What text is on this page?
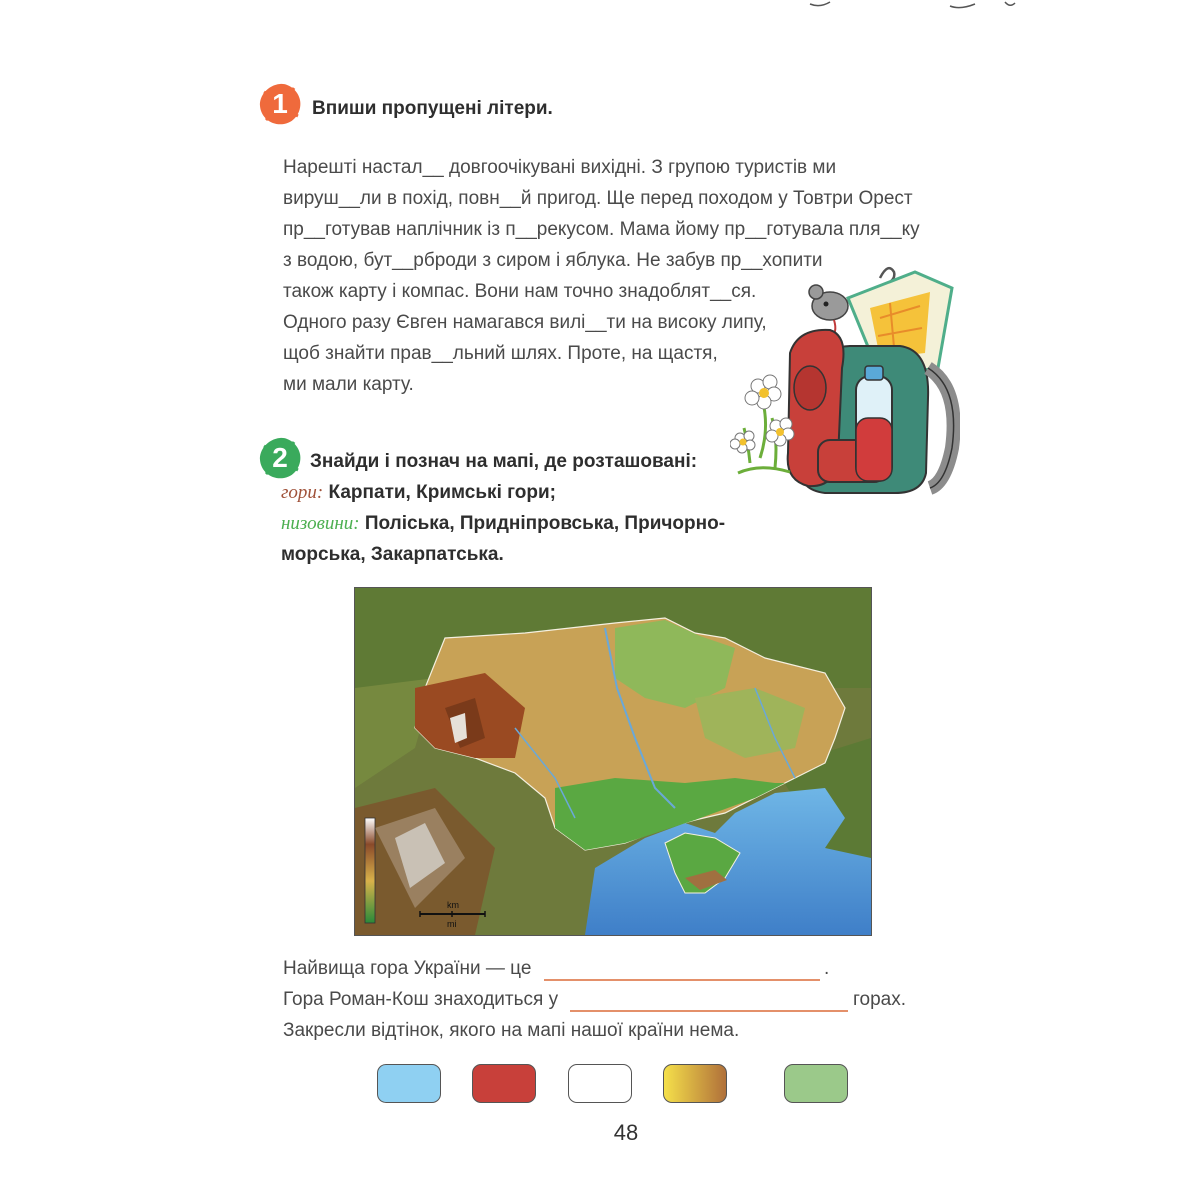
1	Впиши пропущені літери.
Нарешті настал__ довгоочікувані вихідні. З групою туристів ми
вируш__ли в похід, повн__й пригод. Ще перед походом у Товтри Орест
пр__готував наплічник із п__рекусом. Мама йому пр__готувала пля__ку
з водою, бут__рброди з сиром і яблука. Не забув пр__хопити
також карту і компас. Вони нам точно знадоблят__ся.
Одного разу Євген намагався вилі__ти на високу липу,
щоб знайти прав__льний шлях. Проте, на щастя,
ми мали карту.
2	Знайди і познач на мапі, де розташовані:
гори: Карпати, Кримські гори;
низовини: Поліська, Придніпровська, Причорно-
морська, Закарпатська.
km
mi
Найвища гора України — це	.
Гора Роман-Кош знаходиться у	горах.
Закресли відтінок, якого на мапі нашої країни нема.
48
